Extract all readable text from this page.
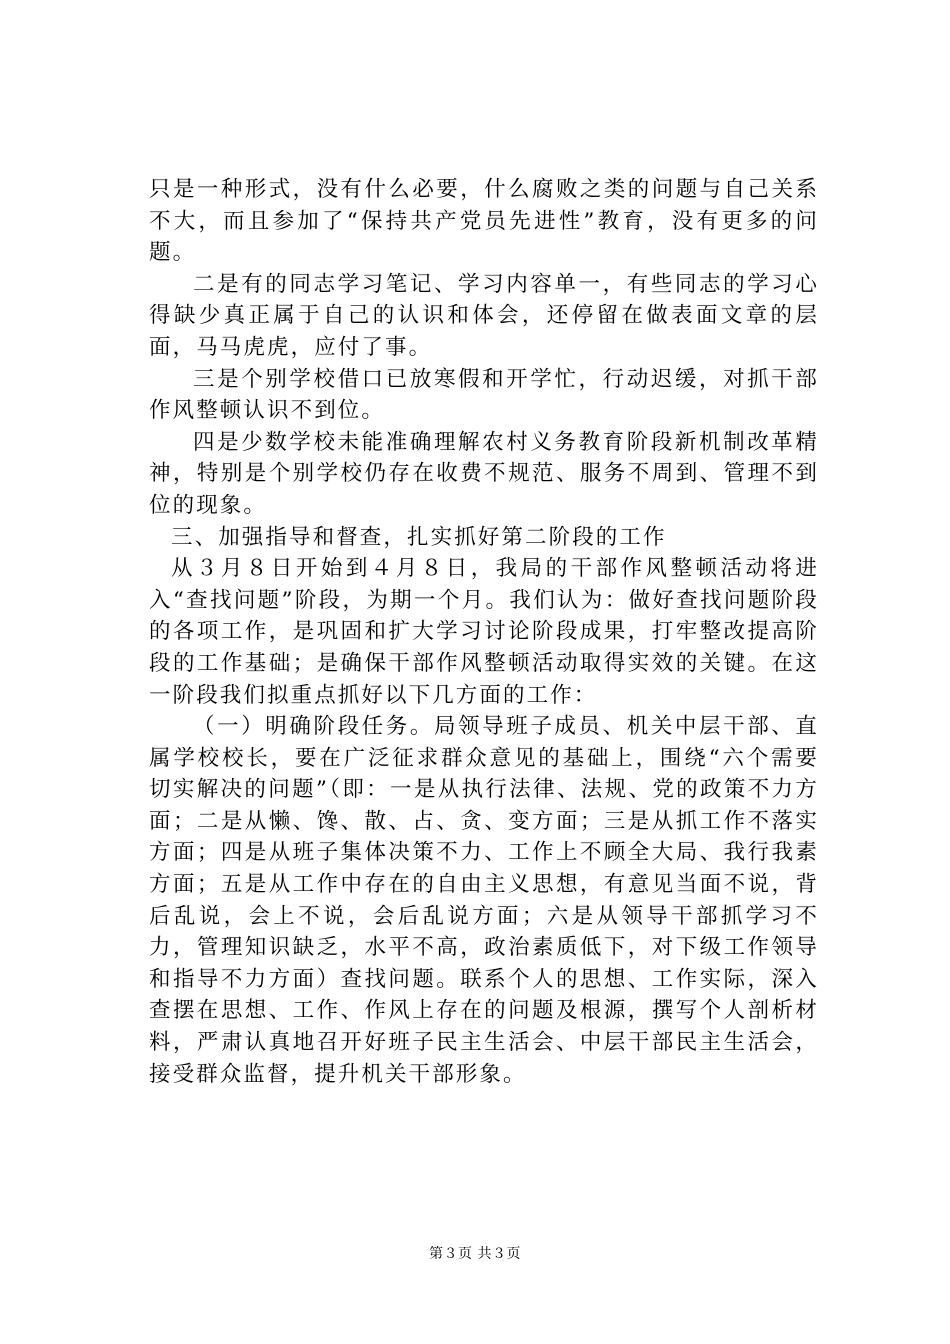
只是一种形式，没有什么必要，什么腐败之类的问题与自己关系不大，而且参加了“保持共产党员先进性”教育，没有更多的问题。

二是有的同志学习笔记、学习内容单一，有些同志的学习心得缺少真正属于自己的认识和体会，还停留在做表面文章的层面，马马虎虎，应付了事。

三是个别学校借口已放寒假和开学忙，行动迟缓，对抓干部作风整顿认识不到位。

四是少数学校未能准确理解农村义务教育阶段新机制改革精神，特别是个别学校仍存在收费不规范、服务不周到、管理不到位的现象。

三、加强指导和督查，扎实抓好第二阶段的工作

从３月８日开始到４月８日，我局的干部作风整顿活动将进入“查找问题”阶段，为期一个月。我们认为：做好查找问题阶段的各项工作，是巩固和扩大学习讨论阶段成果，打牢整改提高阶段的工作基础；是确保干部作风整顿活动取得实效的关键。在这一阶段我们拟重点抓好以下几方面的工作：

（一）明确阶段任务。局领导班子成员、机关中层干部、直属学校校长，要在广泛征求群众意见的基础上，围绕“六个需要切实解决的问题”（即：一是从执行法律、法规、党的政策不力方面；二是从懒、馋、散、占、贪、变方面；三是从抓工作不落实方面；四是从班子集体决策不力、工作上不顾全大局、我行我素方面；五是从工作中存在的自由主义思想，有意见当面不说，背后乱说，会上不说，会后乱说方面；六是从领导干部抓学习不力，管理知识缺乏，水平不高，政治素质低下，对下级工作领导和指导不力方面）查找问题。联系个人的思想、工作实际，深入查摆在思想、工作、作风上存在的问题及根源，撰写个人剖析材料，严肃认真地召开好班子民主生活会、中层干部民主生活会，接受群众监督，提升机关干部形象。

第３页 共３页
